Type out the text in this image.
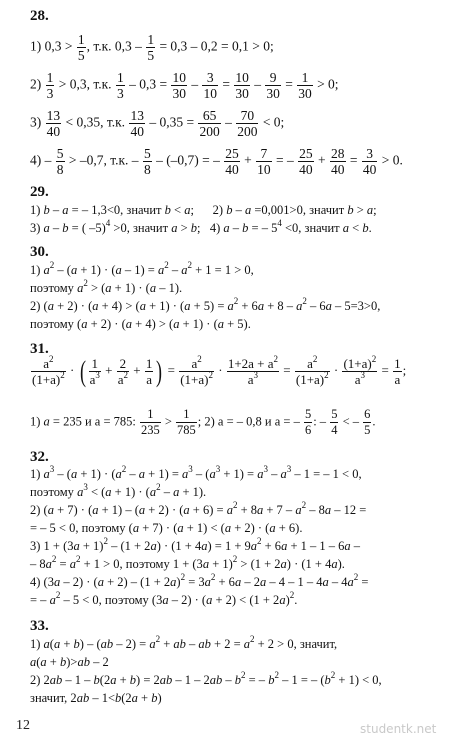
28.
1) $0,3 > \frac{1}{5}$ , т.к. $0,3 - \frac{1}{5} = 0,3 - 0,2 = 0,1 > 0$;
$2) \frac{1}{3} > 0,3$, т.к. $\frac{1}{3} - 0,3 = \frac{10}{30} - \frac{3}{10} = \frac{10}{30} - \frac{9}{30} = \frac{1}{30} > 0$;
$3) \frac{13}{40} < 0,35$, т.к. $\frac{13}{40} - 0,35 = \frac{65}{200} - \frac{70}{200} < 0$;
$4) - \frac{5}{8} > -0,7$, т.к. – $\frac{5}{8} - (-0,7)$ = – $\frac{25}{40} + \frac{7}{10}$ = – $\frac{25}{40} + \frac{28}{40} = \frac{3}{40} > 0$.
29.
1) b – a = – 1,3<0, значит b < a;      2) b – a =0,001>0, значит b > a;
3) a – b = ( –5)$^4$ >0, значит a > b;   4) a – b = – $5^4 <0$, значит a < b.
30.
1) $a^2 - (a + 1) \cdot (a - 1) = a^2 - a^2 + 1 = 1 > 0$,
поэтому $a^2 > (a + 1) \cdot (a - 1)$.
2) $(a + 2) \cdot (a + 4) > (a + 1) \cdot (a + 5) = a^2 + 6a + 8 - a^2 - 6a - 5=3>0$,
поэтому (a + 2) · (a + 4) > (a + 1) · (a + 5).
31.
$\frac{a^2}{(1+a)^2}$ · ( $\frac{1}{a^3} + \frac{2}{a^2} + \frac{1}{a}$ ) = $\frac{a^2}{(1+a)^2} \cdot \frac{1+2a + a^2}{a^3} = \frac{a^2}{(1+a)^2} \cdot \frac{(1+a)^2}{a^3} = \frac{1}{a}$ ;
1) a = 235 и a = 785: $\frac{1}{235} > \frac{1}{785}$ ; 2) a = – 0,8 и a = – $\frac{5}{6}$ : – $\frac{5}{4}$ < – $\frac{6}{5}$ .
32.
1) $a^3 - (a + 1) \cdot (a^2 - a + 1) = a^3 - (a^3 + 1) = a^3 - a^3 - 1$ = – 1 < 0,
поэтому $a^3 < (a + 1) \cdot (a^2 - a + 1)$.
2) $(a + 7) \cdot (a + 1) - (a + 2) \cdot (a + 6) = a^2 + 8a + 7 - a^2 - 8a - 12$ =
= – 5 < 0, поэтому (a + 7) · (a + 1) < (a + 2) · (a + 6).
3) $1 + (3a + 1)^2 - (1 + 2a) \cdot (1 + 4a) = 1 + 9a^2 + 6a + 1 - 1 - 6a$ –
– $8a^2 = a^2 + 1 > 0$, поэтому $1 + (3a + 1)^2 > (1 + 2a) \cdot (1 + 4a)$.
4) $(3a - 2) \cdot (a + 2) - (1 + 2a)^2 = 3a^2 + 6a - 2a - 4 - 1 - 4a - 4a^2$ =
= – $a^2 - 5 < 0$, поэтому $(3a - 2) \cdot (a + 2) < (1 + 2a)^2$.
33.
1) $a(a + b) - (ab - 2) = a^2$ + ab – ab + $2 = a^2 + 2 > 0$, значит,
a(a + b)>ab – 2
2) $2ab - 1 - b(2a + b) = 2ab - 1 - 2ab - b^2$ = – $b^2 - 1$ = – $(b^2 + 1) < 0$,
значит, 2ab – 1<b(2a + b)
12	studentk.net
